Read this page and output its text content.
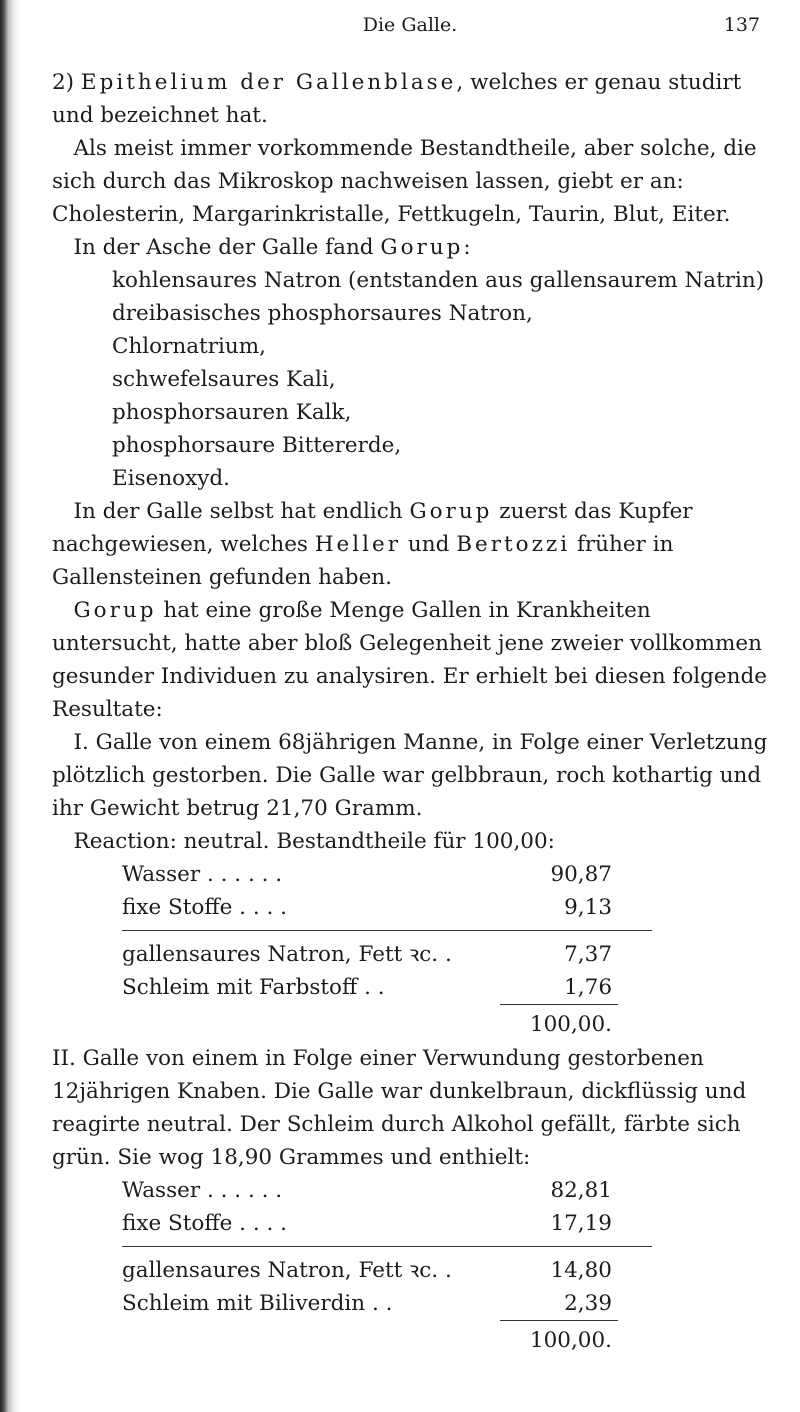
Die Galle.	137

2) Epithelium der Gallenblase, welches er genau studirt und bezeichnet hat.

Als meist immer vorkommende Bestandtheile, aber solche, die sich durch das Mikroskop nachweisen lassen, giebt er an: Cholesterin, Margarinkristalle, Fettkugeln, Taurin, Blut, Eiter.

In der Asche der Galle fand Gorup:

kohlensaures Natron (entstanden aus gallensaurem Natrin)
dreibasisches phosphorsaures Natron,
Chlornatrium,
schwefelsaures Kali,
phosphorsauren Kalk,
phosphorsaure Bittererde,
Eisenoxyd.

In der Galle selbst hat endlich Gorup zuerst das Kupfer nachgewiesen, welches Heller und Bertozzi früher in Gallensteinen gefunden haben.

Gorup hat eine große Menge Gallen in Krankheiten untersucht, hatte aber bloß Gelegenheit jene zweier vollkommen gesunder Individuen zu analysiren. Er erhielt bei diesen folgende Resultate:

I. Galle von einem 68jährigen Manne, in Folge einer Verletzung plötzlich gestorben. Die Galle war gelbbraun, roch kothartig und ihr Gewicht betrug 21,70 Gramm.

Reaction: neutral. Bestandtheile für 100,00:

Wasser . . . . . .	90,87
fixe Stoffe . . . .	9,13
gallensaures Natron, Fett ꝛc. .	7,37
Schleim mit Farbstoff . .	1,76
100,00.

II. Galle von einem in Folge einer Verwundung gestorbenen 12jährigen Knaben. Die Galle war dunkelbraun, dickflüssig und reagirte neutral. Der Schleim durch Alkohol gefällt, färbte sich grün. Sie wog 18,90 Grammes und enthielt:

Wasser . . . . . .	82,81
fixe Stoffe . . . .	17,19
gallensaures Natron, Fett ꝛc. .	14,80
Schleim mit Biliverdin . .	2,39
100,00.
